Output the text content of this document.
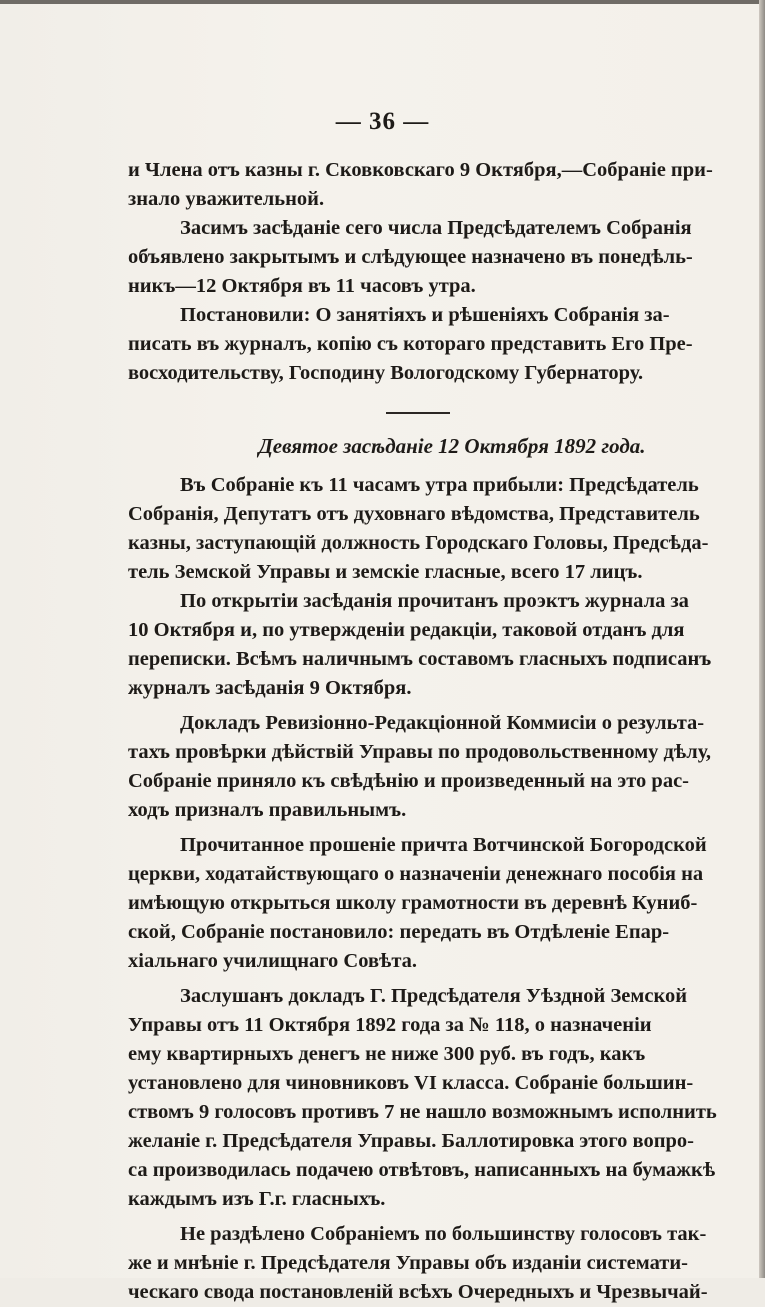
— 36 —
и Члена отъ казны г. Сковковскаго 9 Октября,—Собраніе при-
знало уважительной.
Засимъ засѣданіе сего числа Предсѣдателемъ Собранія
объявлено закрытымъ и слѣдующее назначено въ понедѣль-
никъ—12 Октября въ 11 часовъ утра.
Постановили: О занятіяхъ и рѣшеніяхъ Собранія за-
писать въ журналъ, копію съ котораго представить Его Пре-
восходительству, Господину Вологодскому Губернатору.
Девятое засѣданіе 12 Октября 1892 года.
Въ Собраніе къ 11 часамъ утра прибыли: Предсѣдатель
Собранія, Депутатъ отъ духовнаго вѣдомства, Представитель
казны, заступающій должность Городскаго Головы, Предсѣда-
тель Земской Управы и земскіе гласные, всего 17 лицъ.
По открытіи засѣданія прочитанъ проэктъ журнала за
10 Октября и, по утвержденіи редакціи, таковой отданъ для
переписки. Всѣмъ наличнымъ составомъ гласныхъ подписанъ
журналъ засѣданія 9 Октября.
Докладъ Ревизіонно-Редакціонной Коммисіи о результа-
тахъ провѣрки дѣйствій Управы по продовольственному дѣлу,
Собраніе приняло къ свѣдѣнію и произведенный на это рас-
ходъ призналъ правильнымъ.
Прочитанное прошеніе причта Вотчинской Богородской
церкви, ходатайствующаго о назначеніи денежнаго пособія на
имѣющую открыться школу грамотности въ деревнѣ Куниб-
ской, Собраніе постановило: передать въ Отдѣленіе Епар-
хіальнаго училищнаго Совѣта.
Заслушанъ докладъ Г. Предсѣдателя Уѣздной Земской
Управы отъ 11 Октября 1892 года за № 118, о назначеніи
ему квартирныхъ денегъ не ниже 300 руб. въ годъ, какъ
установлено для чиновниковъ VI класса. Собраніе большин-
ствомъ 9 голосовъ противъ 7 не нашло возможнымъ исполнить
желаніе г. Предсѣдателя Управы. Баллотировка этого вопро-
са производилась подачею отвѣтовъ, написанныхъ на бумажкѣ
каждымъ изъ Г.г. гласныхъ.
Не раздѣлено Собраніемъ по большинству голосовъ так-
же и мнѣніе г. Предсѣдателя Управы объ изданіи системати-
ческаго свода постановленій всѣхъ Очередныхъ и Чрезвычай-
